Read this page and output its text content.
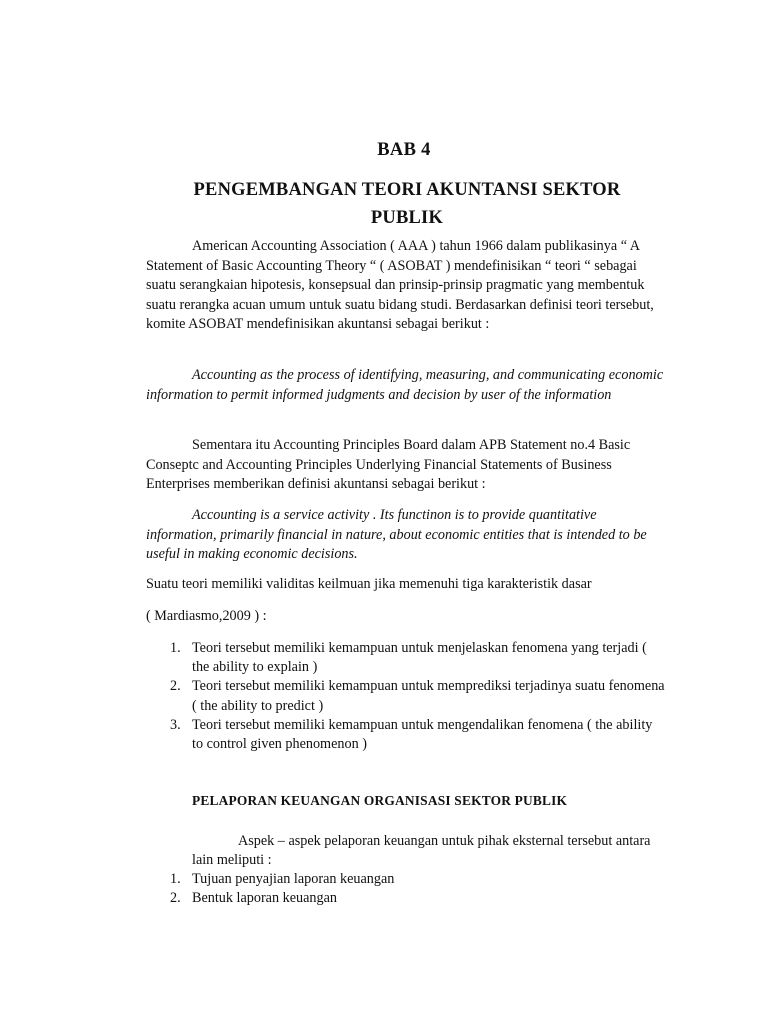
BAB 4
PENGEMBANGAN TEORI AKUNTANSI SEKTOR
PUBLIK

American Accounting Association ( AAA ) tahun 1966 dalam publikasinya “ A Statement of Basic Accounting Theory “ ( ASOBAT ) mendefinisikan “ teori “ sebagai suatu serangkaian hipotesis, konsepsual dan prinsip-prinsip pragmatic yang membentuk suatu rerangka acuan umum untuk suatu bidang studi. Berdasarkan definisi teori tersebut, komite ASOBAT mendefinisikan akuntansi sebagai berikut :

Accounting as the process of identifying, measuring, and communicating economic information to permit informed judgments and decision by user of the information

Sementara itu Accounting Principles Board dalam APB Statement no.4 Basic Conseptc and Accounting Principles Underlying Financial Statements of Business Enterprises memberikan definisi akuntansi sebagai berikut :

Accounting is a service activity . Its functinon is to provide quantitative information, primarily financial in nature, about economic entities that is intended to be useful in making economic decisions.

Suatu teori memiliki validitas keilmuan jika memenuhi tiga karakteristik dasar

( Mardiasmo,2009 ) :

1. Teori tersebut memiliki kemampuan untuk menjelaskan fenomena yang terjadi ( the ability to explain )
2. Teori tersebut memiliki kemampuan untuk memprediksi terjadinya suatu fenomena ( the ability to predict )
3. Teori tersebut memiliki kemampuan untuk mengendalikan fenomena ( the ability to control given phenomenon )
PELAPORAN KEUANGAN ORGANISASI SEKTOR PUBLIK

Aspek – aspek pelaporan keuangan untuk pihak eksternal tersebut antara lain meliputi :

1. Tujuan penyajian laporan keuangan
2. Bentuk laporan keuangan
